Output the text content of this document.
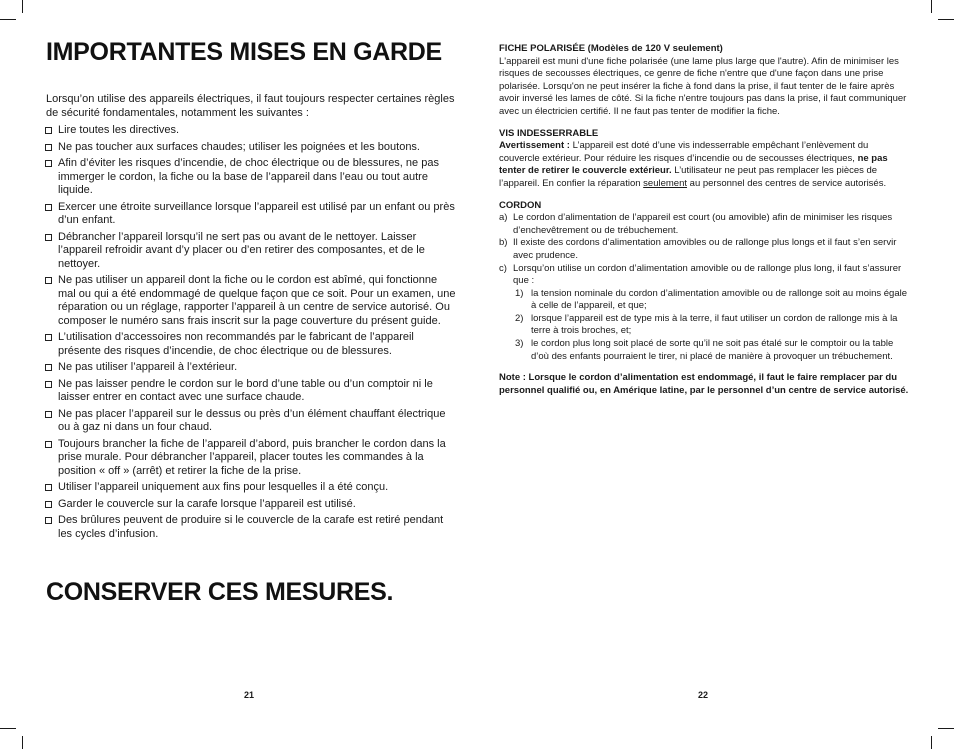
IMPORTANTES MISES EN GARDE
Lorsqu’on utilise des appareils électriques, il faut toujours respecter certaines règles de sécurité fondamentales, notamment les suivantes :
Lire toutes les directives.
Ne pas toucher aux surfaces chaudes; utiliser les poignées et les boutons.
Afin d’éviter les risques d’incendie, de choc électrique ou de blessures, ne pas immerger le cordon, la fiche ou la base de l’appareil dans l’eau ou tout autre liquide.
Exercer une étroite surveillance lorsque l’appareil est utilisé par un enfant ou près d’un enfant.
Débrancher l’appareil lorsqu’il ne sert pas ou avant de le nettoyer. Laisser l’appareil refroidir avant d’y placer ou d’en retirer des composantes, et de le nettoyer.
Ne pas utiliser un appareil dont la fiche ou le cordon est abîmé, qui fonctionne mal ou qui a été endommagé de quelque façon que ce soit. Pour un examen, une réparation ou un réglage, rapporter l’appareil à un centre de service autorisé. Ou composer le numéro sans frais inscrit sur la page couverture du présent guide.
L’utilisation d’accessoires non recommandés par le fabricant de l’appareil présente des risques d’incendie, de choc électrique ou de blessures.
Ne pas utiliser l’appareil à l’extérieur.
Ne pas laisser pendre le cordon sur le bord d’une table ou d’un comptoir ni le laisser entrer en contact avec une surface chaude.
Ne pas placer l’appareil sur le dessus ou près d’un élément chauffant électrique ou à gaz ni dans un four chaud.
Toujours brancher la fiche de l’appareil d’abord, puis brancher le cordon dans la prise murale. Pour débrancher l’appareil, placer toutes les commandes à la position « off » (arrêt) et retirer la fiche de la prise.
Utiliser l’appareil uniquement aux fins pour lesquelles il a été conçu.
Garder le couvercle sur la carafe lorsque l’appareil est utilisé.
Des brûlures peuvent de produire si le couvercle de la carafe est retiré pendant les cycles d’infusion.
CONSERVER CES MESURES.
21

FICHE POLARISÉE (Modèles de 120 V seulement)

L'appareil est muni d'une fiche polarisée (une lame plus large que l'autre). Afin de minimiser les risques de secousses électriques, ce genre de fiche n'entre que d'une façon dans une prise polarisée. Lorsqu'on ne peut insérer la fiche à fond dans la prise, il faut tenter de le faire après avoir inversé les lames de côté. Si la fiche n'entre toujours pas dans la prise, il faut communiquer avec un électricien certifié. Il ne faut pas tenter de modifier la fiche.

VIS INDESSERRABLE

Avertissement : L’appareil est doté d’une vis indesserrable empêchant l’enlèvement du couvercle extérieur. Pour réduire les risques d’incendie ou de secousses électriques, ne pas tenter de retirer le couvercle extérieur. L’utilisateur ne peut pas remplacer les pièces de l’appareil. En confier la réparation seulement au personnel des centres de service autorisés.

CORDON

a) Le cordon d’alimentation de l’appareil est court (ou amovible) afin de minimiser les risques d’enchevêtrement ou de trébuchement.
b) Il existe des cordons d’alimentation amovibles ou de rallonge plus longs et il faut s’en servir avec prudence.
c) Lorsqu’on utilise un cordon d’alimentation amovible ou de rallonge plus long, il faut s’assurer que :
1) la tension nominale du cordon d’alimentation amovible ou de rallonge soit au moins égale à celle de l’appareil, et que;
2) lorsque l’appareil est de type mis à la terre, il faut utiliser un cordon de rallonge mis à la terre à trois broches, et;
3) le cordon plus long soit placé de sorte qu’il ne soit pas étalé sur le comptoir ou la table d’où des enfants pourraient le tirer, ni placé de manière à provoquer un trébuchement.

Note : Lorsque le cordon d’alimentation est endommagé, il faut le faire remplacer par du personnel qualifié ou, en Amérique latine, par le personnel d’un centre de service autorisé.

22
